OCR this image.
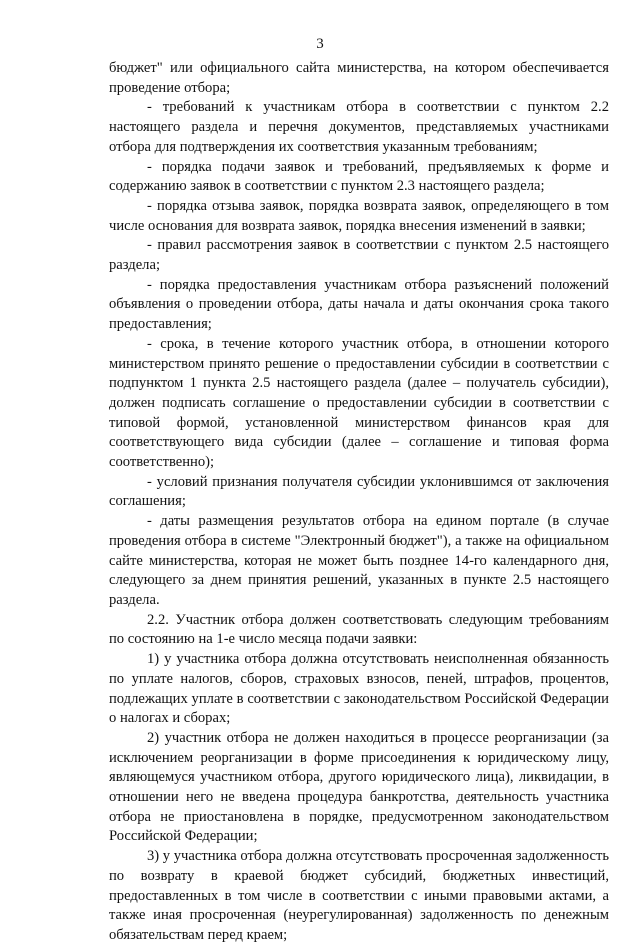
3

бюджет" или официального сайта министерства, на котором обеспечивается проведение отбора;

- требований к участникам отбора в соответствии с пунктом 2.2 настоящего раздела и перечня документов, представляемых участниками отбора для подтверждения их соответствия указанным требованиям;

- порядка подачи заявок и требований, предъявляемых к форме и содержанию заявок в соответствии с пунктом 2.3 настоящего раздела;

- порядка отзыва заявок, порядка возврата заявок, определяющего в том числе основания для возврата заявок, порядка внесения изменений в заявки;

- правил рассмотрения заявок в соответствии с пунктом 2.5 настоящего раздела;

- порядка предоставления участникам отбора разъяснений положений объявления о проведении отбора, даты начала и даты окончания срока такого предоставления;

- срока, в течение которого участник отбора, в отношении которого министерством принято решение о предоставлении субсидии в соответствии с подпунктом 1 пункта 2.5 настоящего раздела (далее – получатель субсидии), должен подписать соглашение о предоставлении субсидии в соответствии с типовой формой, установленной министерством финансов края для соответствующего вида субсидии (далее – соглашение и типовая форма соответственно);

- условий признания получателя субсидии уклонившимся от заключения соглашения;

- даты размещения результатов отбора на едином портале (в случае проведения отбора в системе "Электронный бюджет"), а также на официальном сайте министерства, которая не может быть позднее 14-го календарного дня, следующего за днем принятия решений, указанных в пункте 2.5 настоящего раздела.

2.2. Участник отбора должен соответствовать следующим требованиям по состоянию на 1-е число месяца подачи заявки:

1) у участника отбора должна отсутствовать неисполненная обязанность по уплате налогов, сборов, страховых взносов, пеней, штрафов, процентов, подлежащих уплате в соответствии с законодательством Российской Федерации о налогах и сборах;

2) участник отбора не должен находиться в процессе реорганизации (за исключением реорганизации в форме присоединения к юридическому лицу, являющемуся участником отбора, другого юридического лица), ликвидации, в отношении него не введена процедура банкротства, деятельность участника отбора не приостановлена в порядке, предусмотренном законодательством Российской Федерации;

3) у участника отбора должна отсутствовать просроченная задолженность по возврату в краевой бюджет субсидий, бюджетных инвестиций, предоставленных в том числе в соответствии с иными правовыми актами, а также иная просроченная (неурегулированная) задолженность по денежным обязательствам перед краем;
